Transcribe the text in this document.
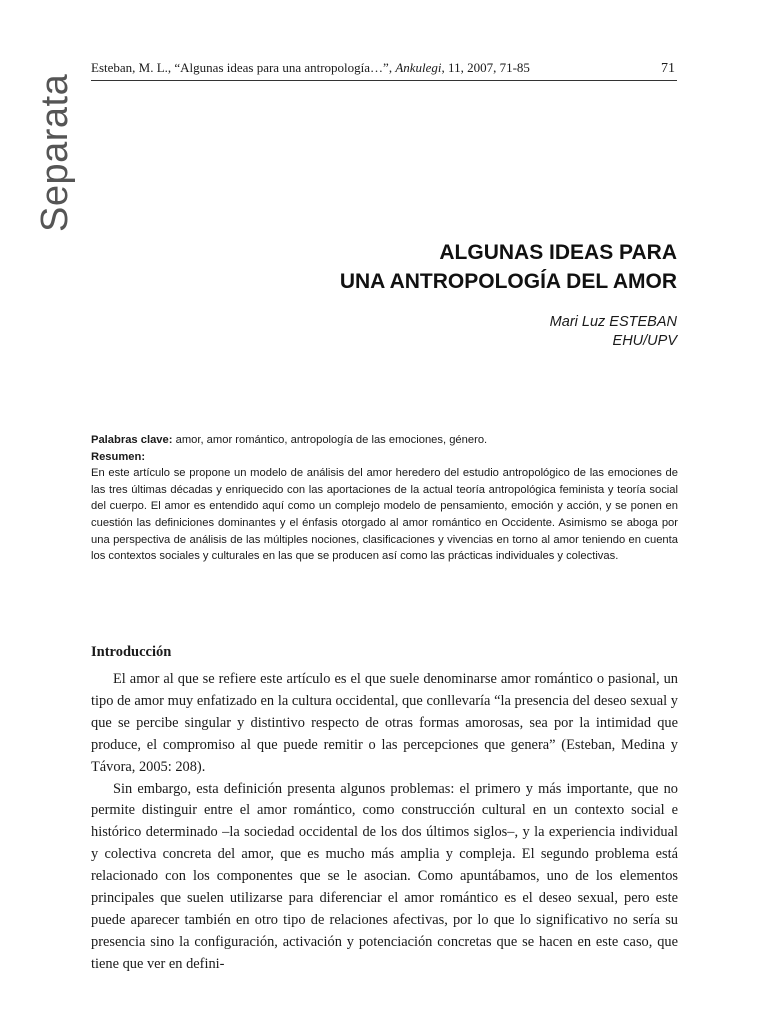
Esteban, M. L., “Algunas ideas para una antropología…”, Ankulegi, 11, 2007, 71-85	71
Separata
ALGUNAS IDEAS PARA
UNA ANTROPOLOGÍA DEL AMOR
Mari Luz ESTEBAN
EHU/UPV

Palabras clave: amor, amor romántico, antropología de las emociones, género.

Resumen:

En este artículo se propone un modelo de análisis del amor heredero del estudio antropológico de las emociones de las tres últimas décadas y enriquecido con las aportaciones de la actual teoría antropológica feminista y teoría social del cuerpo. El amor es entendido aquí como un complejo modelo de pensamiento, emoción y acción, y se ponen en cuestión las definiciones dominantes y el énfasis otorgado al amor romántico en Occidente. Asimismo se aboga por una perspectiva de análisis de las múltiples nociones, clasificaciones y vivencias en torno al amor teniendo en cuenta los contextos sociales y culturales en las que se producen así como las prácticas individuales y colectivas.

Introducción

El amor al que se refiere este artículo es el que suele denominarse amor romántico o pasional, un tipo de amor muy enfatizado en la cultura occidental, que conllevaría “la presencia del deseo sexual y que se percibe singular y distintivo respecto de otras formas amorosas, sea por la intimidad que produce, el compromiso al que puede remitir o las percepciones que genera” (Esteban, Medina y Távora, 2005: 208).

Sin embargo, esta definición presenta algunos problemas: el primero y más importante, que no permite distinguir entre el amor romántico, como construcción cultural en un contexto social e histórico determinado –la sociedad occidental de los dos últimos siglos–, y la experiencia individual y colectiva concreta del amor, que es mucho más amplia y compleja. El segundo problema está relacionado con los componentes que se le asocian. Como apuntábamos, uno de los elementos principales que suelen utilizarse para diferenciar el amor romántico es el deseo sexual, pero este puede aparecer también en otro tipo de relaciones afectivas, por lo que lo significativo no sería su presencia sino la configuración, activación y potenciación concretas que se hacen en este caso, que tiene que ver en defini-
